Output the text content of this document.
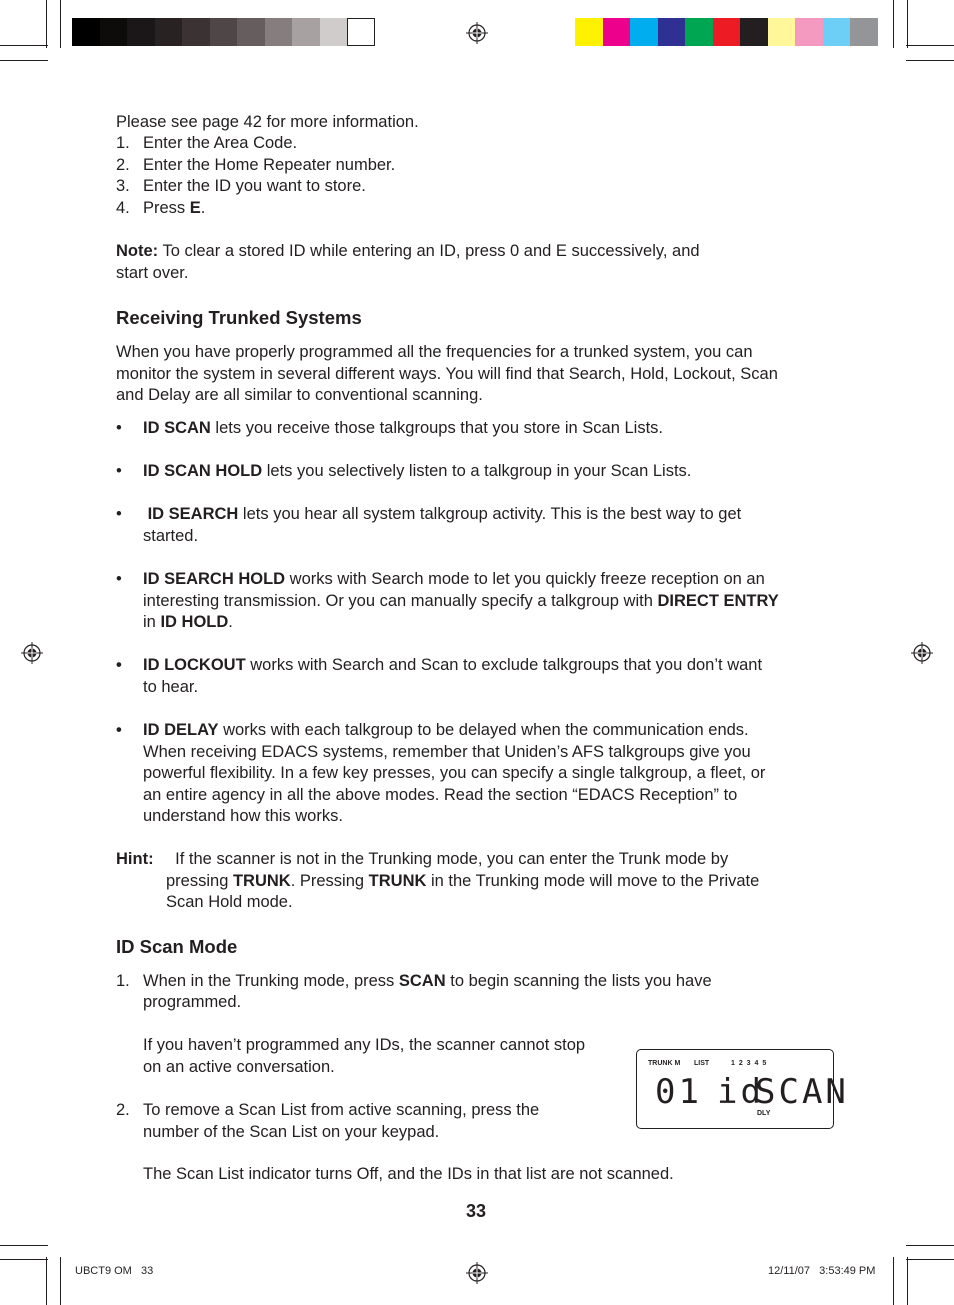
Please see page 42 for more information.
1. Enter the Area Code.
2. Enter the Home Repeater number.
3. Enter the ID you want to store.
4. Press E.
Note: To clear a stored ID while entering an ID, press 0 and E successively, and
start over.
Receiving Trunked Systems
When you have properly programmed all the frequencies for a trunked system, you can
monitor the system in several different ways. You will find that Search, Hold, Lockout, Scan
and Delay are all similar to conventional scanning.
• ID SCAN lets you receive those talkgroups that you store in Scan Lists.
• ID SCAN HOLD lets you selectively listen to a talkgroup in your Scan Lists.
• ID SEARCH lets you hear all system talkgroup activity. This is the best way to get
started.
• ID SEARCH HOLD works with Search mode to let you quickly freeze reception on an
interesting transmission. Or you can manually specify a talkgroup with DIRECT ENTRY
in ID HOLD.
• ID LOCKOUT works with Search and Scan to exclude talkgroups that you don’t want
to hear.
• ID DELAY works with each talkgroup to be delayed when the communication ends.
When receiving EDACS systems, remember that Uniden’s AFS talkgroups give you
powerful flexibility. In a few key presses, you can specify a single talkgroup, a fleet, or
an entire agency in all the above modes. Read the section “EDACS Reception” to
understand how this works.
Hint: If the scanner is not in the Trunking mode, you can enter the Trunk mode by
pressing TRUNK. Pressing TRUNK in the Trunking mode will move to the Private
Scan Hold mode.
ID Scan Mode
1. When in the Trunking mode, press SCAN to begin scanning the lists you have
programmed.
If you haven’t programmed any IDs, the scanner cannot stop
on an active conversation.
2. To remove a Scan List from active scanning, press the
number of the Scan List on your keypad.
The Scan List indicator turns Off, and the IDs in that list are not scanned.
TRUNK M LIST	1 2 3 4 5
01 id
SCAN
DLY
33
UBCT9 OM   33	12/11/07   3:53:49 PM
